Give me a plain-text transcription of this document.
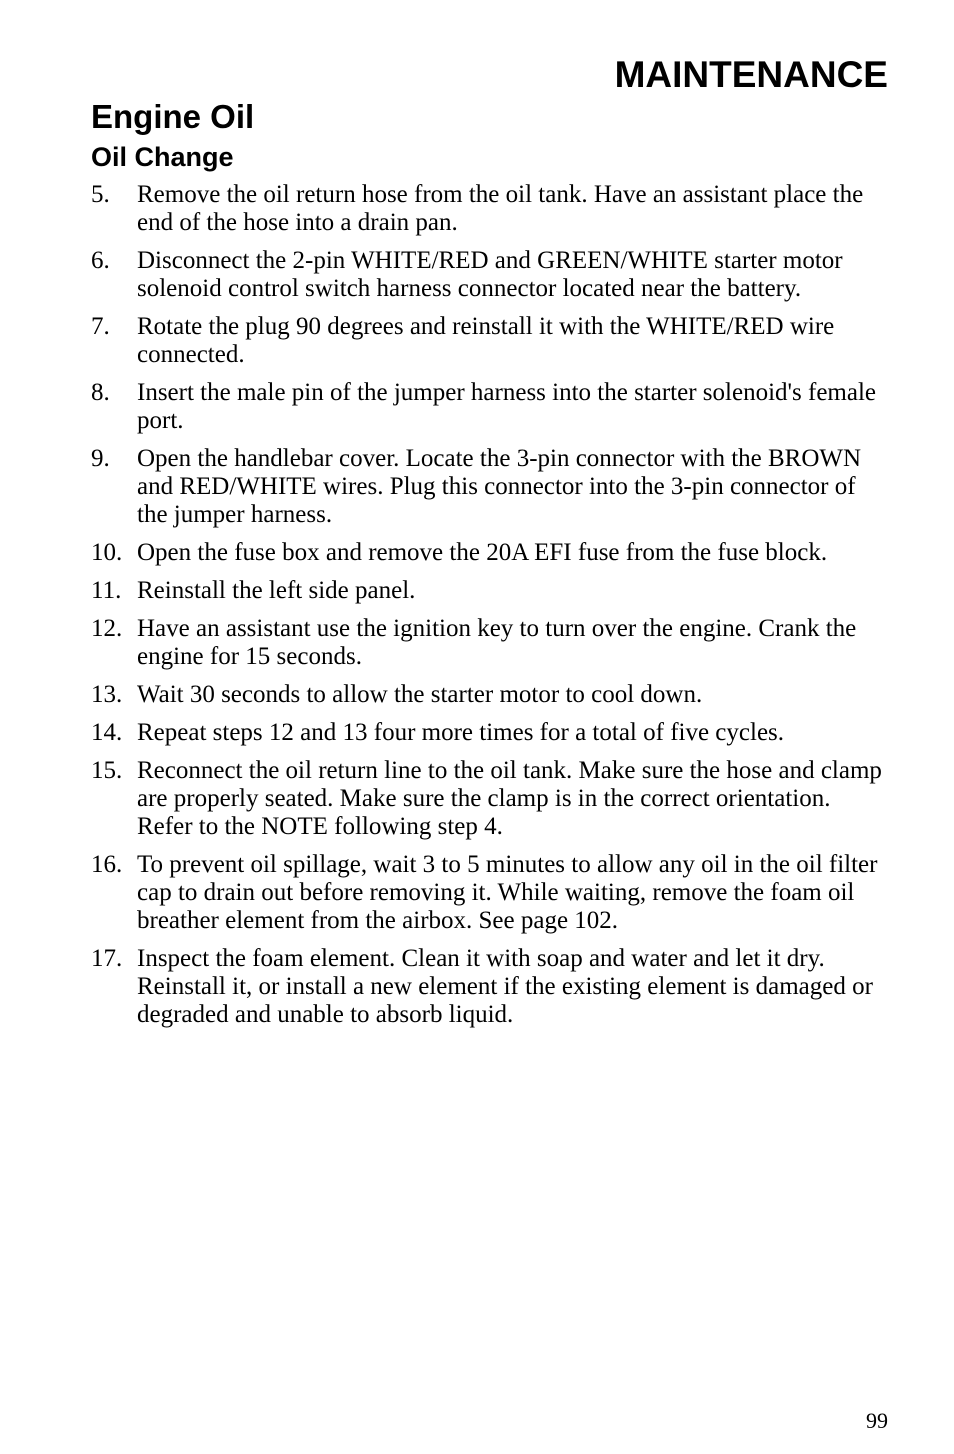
MAINTENANCE
Engine Oil
Oil Change
5. Remove the oil return hose from the oil tank. Have an assistant place the end of the hose into a drain pan.
6. Disconnect the 2-pin WHITE/RED and GREEN/WHITE starter motor solenoid control switch harness connector located near the battery.
7. Rotate the plug 90 degrees and reinstall it with the WHITE/RED wire connected.
8. Insert the male pin of the jumper harness into the starter solenoid's female port.
9. Open the handlebar cover. Locate the 3-pin connector with the BROWN and RED/WHITE wires. Plug this connector into the 3-pin connector of the jumper harness.
10. Open the fuse box and remove the 20A EFI fuse from the fuse block.
11. Reinstall the left side panel.
12. Have an assistant use the ignition key to turn over the engine. Crank the engine for 15 seconds.
13. Wait 30 seconds to allow the starter motor to cool down.
14. Repeat steps 12 and 13 four more times for a total of five cycles.
15. Reconnect the oil return line to the oil tank. Make sure the hose and clamp are properly seated. Make sure the clamp is in the correct orientation. Refer to the NOTE following step 4.
16. To prevent oil spillage, wait 3 to 5 minutes to allow any oil in the oil filter cap to drain out before removing it. While waiting, remove the foam oil breather element from the airbox. See page 102.
17. Inspect the foam element. Clean it with soap and water and let it dry. Reinstall it, or install a new element if the existing element is damaged or degraded and unable to absorb liquid.
99
